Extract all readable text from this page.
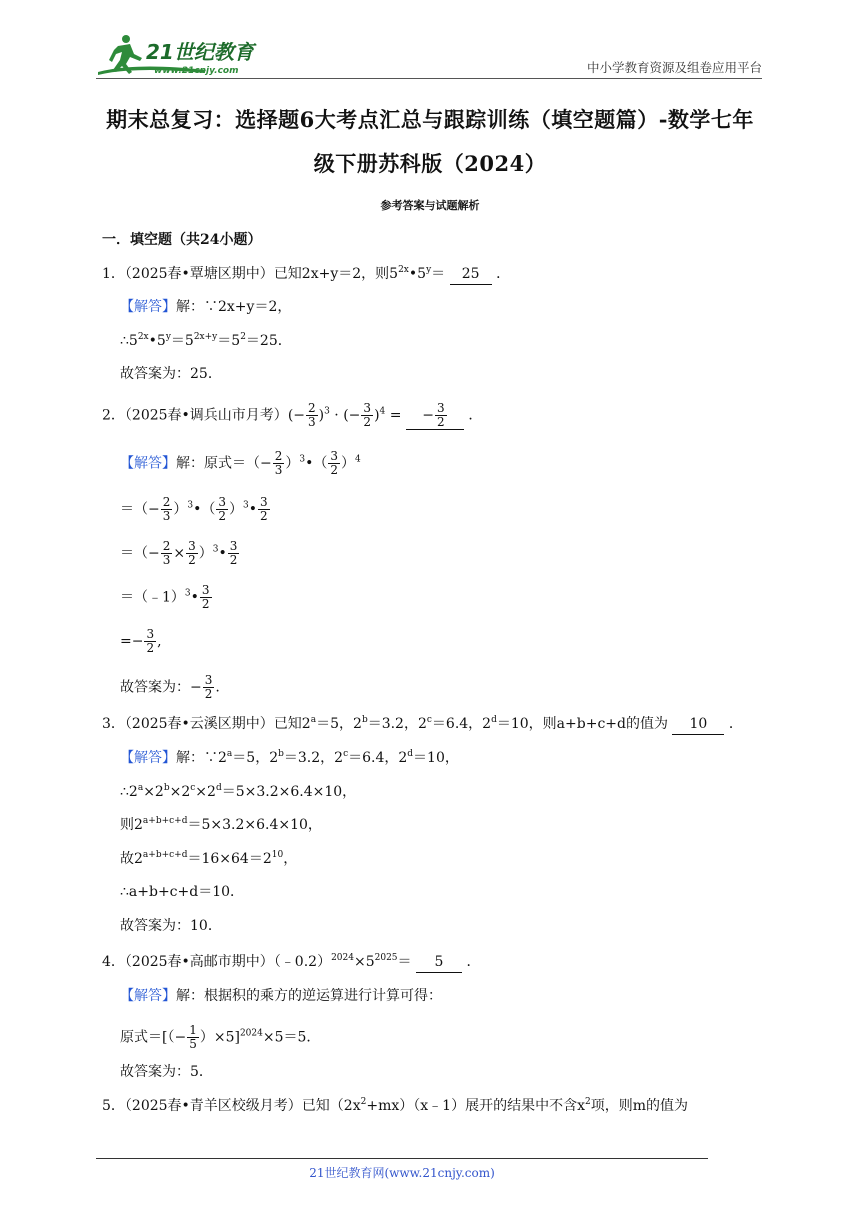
21世纪教育
www.21cnjy.com	中小学教育资源及组卷应用平台
期末总复习：选择题6大考点汇总与跟踪训练（填空题篇）-数学七年
级下册苏科版（2024）
参考答案与试题解析
一．填空题（共24小题）
1．（2025春•覃塘区期中）已知2x+y＝2，则$5^{2x}•5^y= 25$ ．
【解答】解：∵2x+y＝2，
$\therefore 5^{2x}•5^y=5^{2x+y}=5^2=25$．
故答案为：25．
2．（2025春•调兵山市月考）(− $\frac{2}{3} )^3$ · (− $\frac{3}{2} )^4$ = − $\frac{3}{2}$ ．
【解答】解：原式＝（− $\frac{2}{3}$ ）$^3$•（ $\frac{3}{2} )^4$
＝（− $\frac{2}{3}$ ）$^3$•（ $\frac{3}{2}$ ）$^3$• $\frac{3}{2}$
＝（− $\frac{2}{3} \times \frac{3}{2}$ ）$^3$• $\frac{3}{2}$
＝（﹣1）$^3$• $\frac{3}{2}$
=− $\frac{3}{2}$ ,
故答案为：− $\frac{3}{2}$ .
3．（2025春•云溪区期中）已知$2^a=5$，$2^b=3.2$，$2^c=6.4$，$2^d=10$，则a+b+c+d的值为 10 ．
【解答】解：$\because 2^a=5$，$2^b=3.2$，$2^c=6.4$，$2^d=10$，
$\therefore 2^a\times 2^b\times 2^c\times 2^d=5\times 3.2\times 6.4\times 10$，
则$2^{a+b+c+d}=5\times 3.2\times 6.4\times 10$，
故$2^{a+b+c+d}=16\times 64=2^{10}$，
∴a+b+c+d＝10．
故答案为：10．
4．（2025春•高邮市期中）$(﹣0.2)^{2024}\times 5^{2025}= 5$ ．
【解答】解：根据积的乘方的逆运算进行计算可得：
原式＝[（− $\frac{1}{5} )\times 5]^{2024}\times 5=5$．
故答案为：5．
5．（2025春•青羊区校级月考）已知$(2x^2+mx)(x﹣1)$展开的结果中不含$x^2$项，则m的值为
21世纪教育网(www.21cnjy.com)
